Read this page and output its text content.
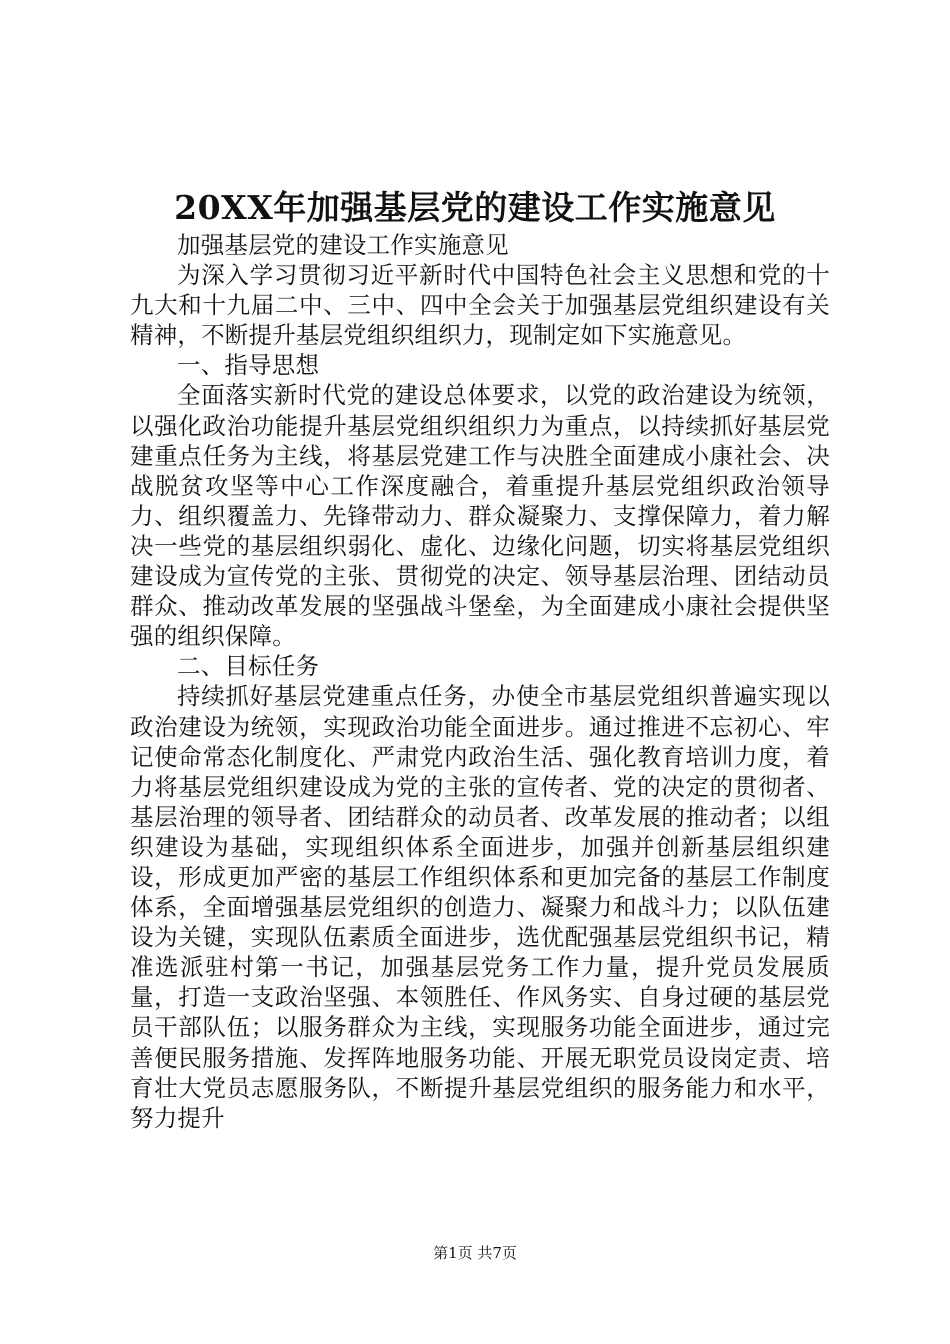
20XX年加强基层党的建设工作实施意见

加强基层党的建设工作实施意见

为深入学习贯彻习近平新时代中国特色社会主义思想和党的十九大和十九届二中、三中、四中全会关于加强基层党组织建设有关精神，不断提升基层党组织组织力，现制定如下实施意见。

一、指导思想

全面落实新时代党的建设总体要求，以党的政治建设为统领，以强化政治功能提升基层党组织组织力为重点，以持续抓好基层党建重点任务为主线，将基层党建工作与决胜全面建成小康社会、决战脱贫攻坚等中心工作深度融合，着重提升基层党组织政治领导力、组织覆盖力、先锋带动力、群众凝聚力、支撑保障力，着力解决一些党的基层组织弱化、虚化、边缘化问题，切实将基层党组织建设成为宣传党的主张、贯彻党的决定、领导基层治理、团结动员群众、推动改革发展的坚强战斗堡垒，为全面建成小康社会提供坚强的组织保障。

二、目标任务

持续抓好基层党建重点任务，办使全市基层党组织普遍实现以政治建设为统领，实现政治功能全面进步。通过推进不忘初心、牢记使命常态化制度化、严肃党内政治生活、强化教育培训力度，着力将基层党组织建设成为党的主张的宣传者、党的决定的贯彻者、基层治理的领导者、团结群众的动员者、改革发展的推动者；以组织建设为基础，实现组织体系全面进步，加强并创新基层组织建设，形成更加严密的基层工作组织体系和更加完备的基层工作制度体系，全面增强基层党组织的创造力、凝聚力和战斗力；以队伍建设为关键，实现队伍素质全面进步，选优配强基层党组织书记，精准选派驻村第一书记，加强基层党务工作力量，提升党员发展质量，打造一支政治坚强、本领胜任、作风务实、自身过硬的基层党员干部队伍；以服务群众为主线，实现服务功能全面进步，通过完善便民服务措施、发挥阵地服务功能、开展无职党员设岗定责、培育壮大党员志愿服务队，不断提升基层党组织的服务能力和水平，努力提升

第1页 共7页
